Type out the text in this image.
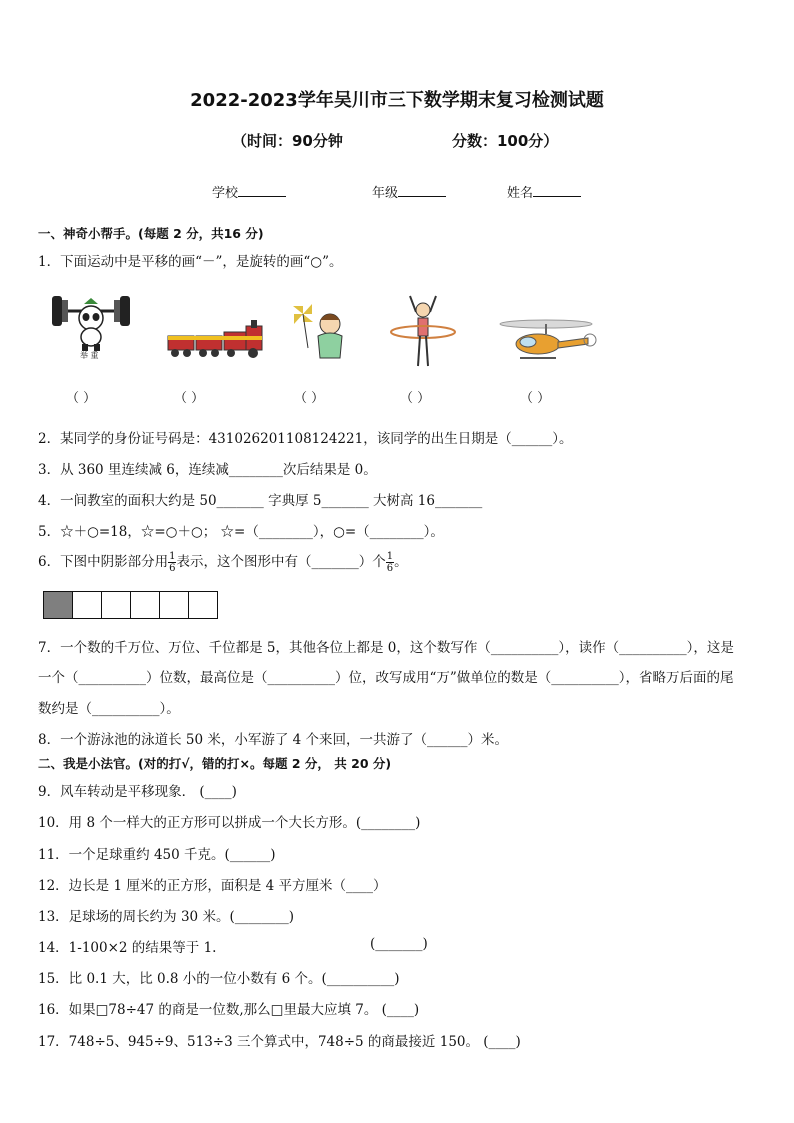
2022-2023学年吴川市三下数学期末复习检测试题
（时间：90分钟	分数：100分）
学校	年级	姓名
一、神奇小帮手。(每题 2 分，共16 分)
1．下面运动中是平移的画“－”，是旋转的画“○”。
举 重
（ ）	（ ）	（ ）	（ ）	（ ）
2．某同学的身份证号码是：431026201108124221，该同学的出生日期是（______）。
3．从 360 里连续减 6，连续减________次后结果是 0。
4．一间教室的面积大约是 50_______ 字典厚 5_______ 大树高 16_______
5．☆＋○=18，☆=○＋○； ☆=（________），○=（________）。
6．下图中阴影部分用 $\frac{1}{6}$ 表示，这个图形中有（_______）个 $\frac{1}{6}$ 。
7．一个数的千万位、万位、千位都是 5，其他各位上都是 0，这个数写作（__________），读作（__________），这是
一个（__________）位数，最高位是（__________）位，改写成用“万”做单位的数是（__________），省略万后面的尾
数约是（__________）。
8．一个游泳池的泳道长 50 米，小军游了 4 个来回，一共游了（______）米。
二、我是小法官。(对的打√，错的打×。每题 2 分， 共 20 分)
9．风车转动是平移现象． (____)
10．用 8 个一样大的正方形可以拼成一个大长方形。(________)
11．一个足球重约 450 千克。(______)
12．边长是 1 厘米的正方形，面积是 4 平方厘米（____）
13．足球场的周长约为 30 米。(________)
14．1-100×2 的结果等于 1.	(_______)
15．比 0.1 大，比 0.8 小的一位小数有 6 个。(__________)
16．如果□78÷47 的商是一位数,那么□里最大应填 7。 (____)
17．748÷5、945÷9、513÷3 三个算式中，748÷5 的商最接近 150。 (____)
